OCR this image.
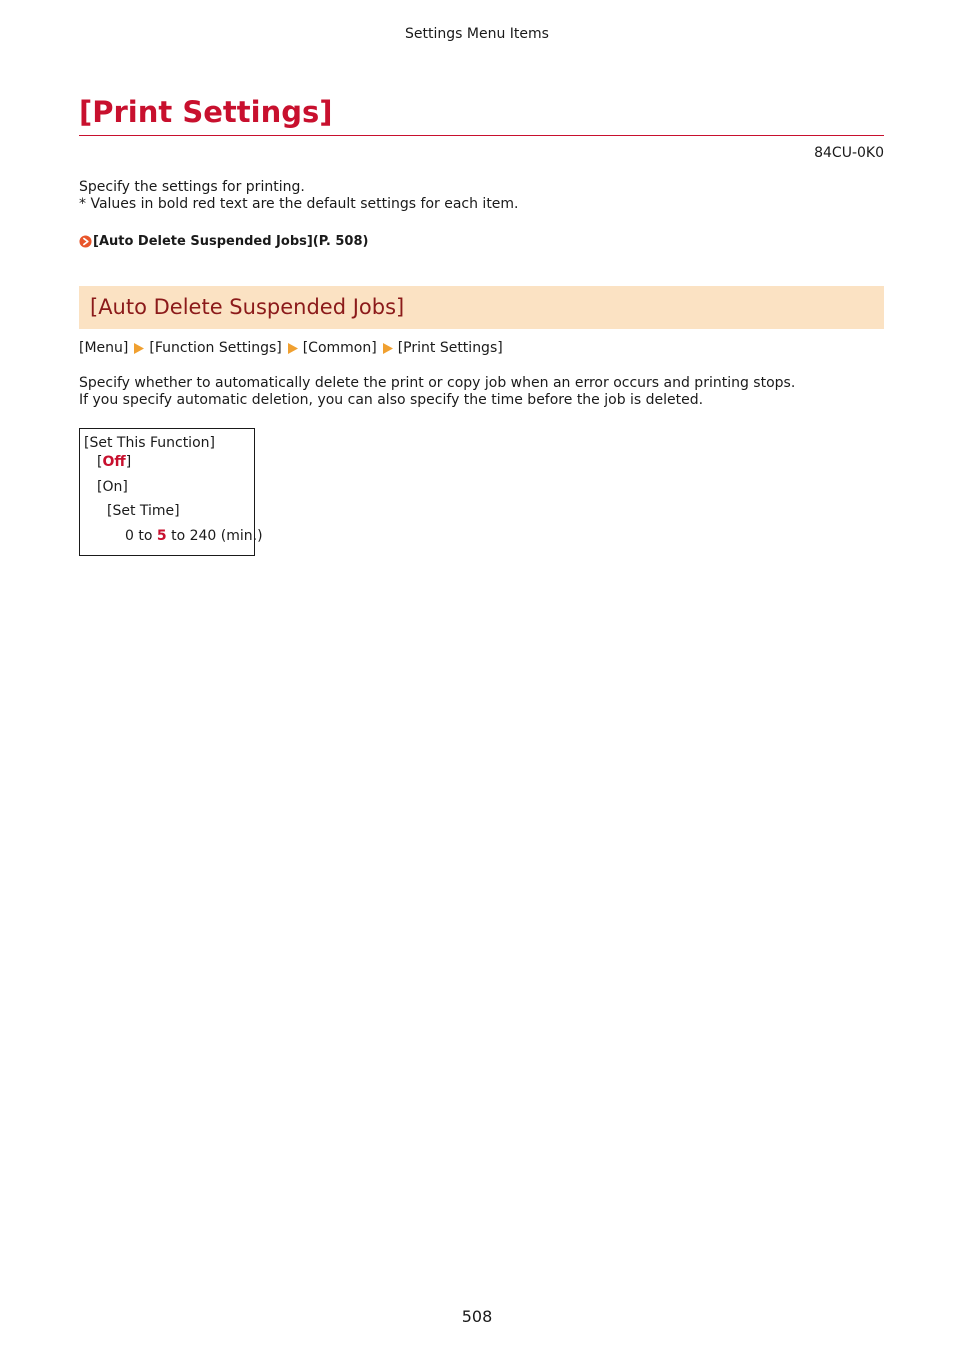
Settings Menu Items
[Print Settings]
84CU-0K0
Specify the settings for printing.
* Values in bold red text are the default settings for each item.
[Auto Delete Suspended Jobs](P. 508)
[Auto Delete Suspended Jobs]
[Menu] [Function Settings] [Common] [Print Settings]
Specify whether to automatically delete the print or copy job when an error occurs and printing stops.
If you specify automatic deletion, you can also specify the time before the job is deleted.
[Set This Function]
[Off]
[On]
[Set Time]
0 to 5 to 240 (min.)
508
